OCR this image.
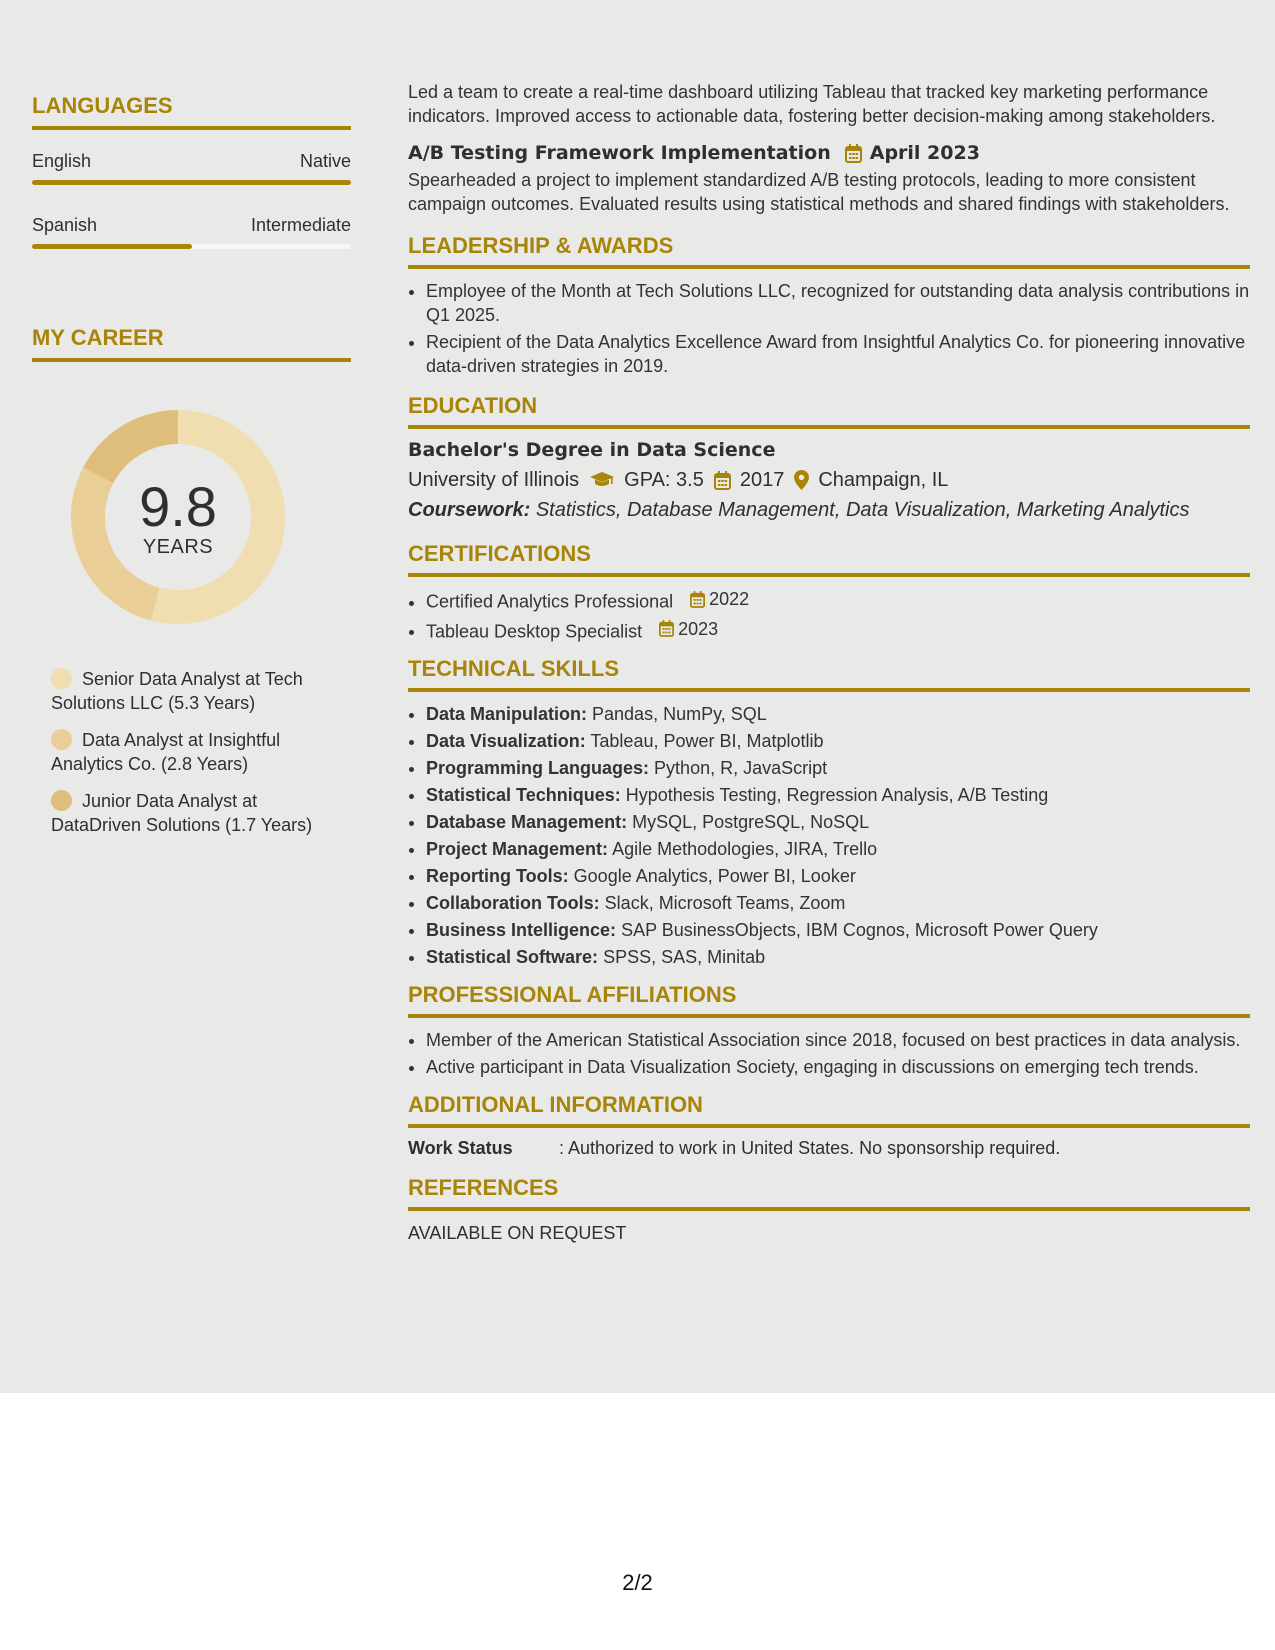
LANGUAGES
English	Native
Spanish	Intermediate
MY CAREER
9.8
YEARS
Senior Data Analyst at Tech Solutions LLC (5.3 Years)
Data Analyst at Insightful Analytics Co. (2.8 Years)
Junior Data Analyst at DataDriven Solutions (1.7 Years)
Led a team to create a real-time dashboard utilizing Tableau that tracked key marketing performance indicators. Improved access to actionable data, fostering better decision-making among stakeholders.
A/B Testing Framework Implementation April 2023
Spearheaded a project to implement standardized A/B testing protocols, leading to more consistent campaign outcomes. Evaluated results using statistical methods and shared findings with stakeholders.
LEADERSHIP & AWARDS
• Employee of the Month at Tech Solutions LLC, recognized for outstanding data analysis contributions in Q1 2025.
• Recipient of the Data Analytics Excellence Award from Insightful Analytics Co. for pioneering innovative data-driven strategies in 2019.
EDUCATION
Bachelor's Degree in Data Science
University of Illinois GPA: 3.5 2017 Champaign, IL
Coursework: Statistics, Database Management, Data Visualization, Marketing Analytics
CERTIFICATIONS
• Certified Analytics Professional 2022
• Tableau Desktop Specialist 2023
TECHNICAL SKILLS
• Data Manipulation: Pandas, NumPy, SQL
• Data Visualization: Tableau, Power BI, Matplotlib
• Programming Languages: Python, R, JavaScript
• Statistical Techniques: Hypothesis Testing, Regression Analysis, A/B Testing
• Database Management: MySQL, PostgreSQL, NoSQL
• Project Management: Agile Methodologies, JIRA, Trello
• Reporting Tools: Google Analytics, Power BI, Looker
• Collaboration Tools: Slack, Microsoft Teams, Zoom
• Business Intelligence: SAP BusinessObjects, IBM Cognos, Microsoft Power Query
• Statistical Software: SPSS, SAS, Minitab
PROFESSIONAL AFFILIATIONS
• Member of the American Statistical Association since 2018, focused on best practices in data analysis.
• Active participant in Data Visualization Society, engaging in discussions on emerging tech trends.
ADDITIONAL INFORMATION
Work Status	: Authorized to work in United States. No sponsorship required.
REFERENCES
AVAILABLE ON REQUEST
2/2
